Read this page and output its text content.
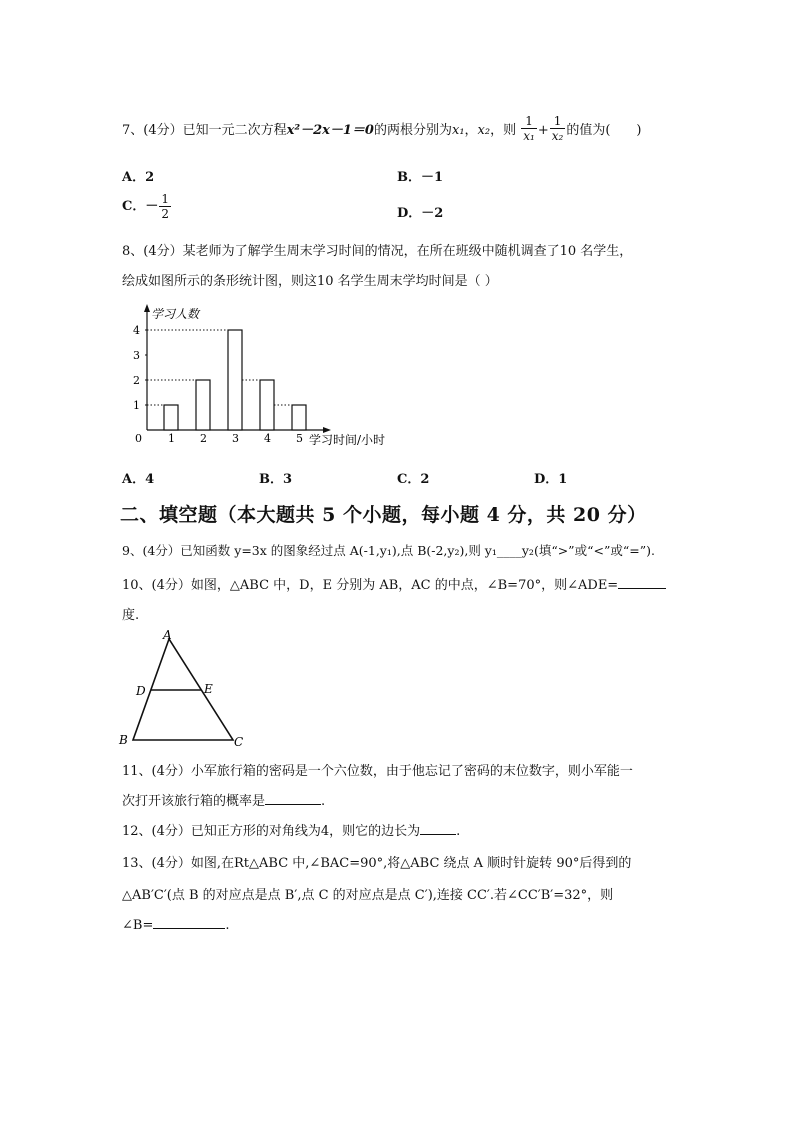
7、(4分）已知一元二次方程x²－2x－1＝0的两根分别为x₁，x₂，则 $\frac{1}{\text{x₁}} + \frac{1}{\text{x₂}}$ 的值为(　　)
A．2	B．－1
C．－ $\frac{1}{2}$	D．－2
8、(4分）某老师为了解学生周末学习时间的情况，在所在班级中随机调查了10 名学生，
绘成如图所示的条形统计图，则这10 名学生周末学均时间是（ ）
学习人数
0
1
2
3
4
1 2 3 4 5 学习时间/小时
A．4	B．3	C．2	D．1
二、填空题（本大题共 5 个小题，每小题 4 分，共 20 分）
9、(4分）已知函数 y=3x 的图象经过点 A(-1,y₁),点 B(-2,y₂),则 y₁____y₂(填“>”或“<”或“=”).
10、(4分）如图，△ABC 中，D，E 分别为 AB，AC 的中点，∠B=70°，则∠ADE=
度.
A
D	E
B	C
11、(4分）小军旅行箱的密码是一个六位数，由于他忘记了密码的末位数字，则小军能一
次打开该旅行箱的概率是	.
12、(4分）已知正方形的对角线为4，则它的边长为	.
13、(4分）如图,在Rt△ABC 中,∠BAC=90°,将△ABC 绕点 A 顺时针旋转 90°后得到的
△AB′C′(点 B 的对应点是点 B′,点 C 的对应点是点 C′),连接 CC′.若∠CC′B′=32°，则
∠B=	.
